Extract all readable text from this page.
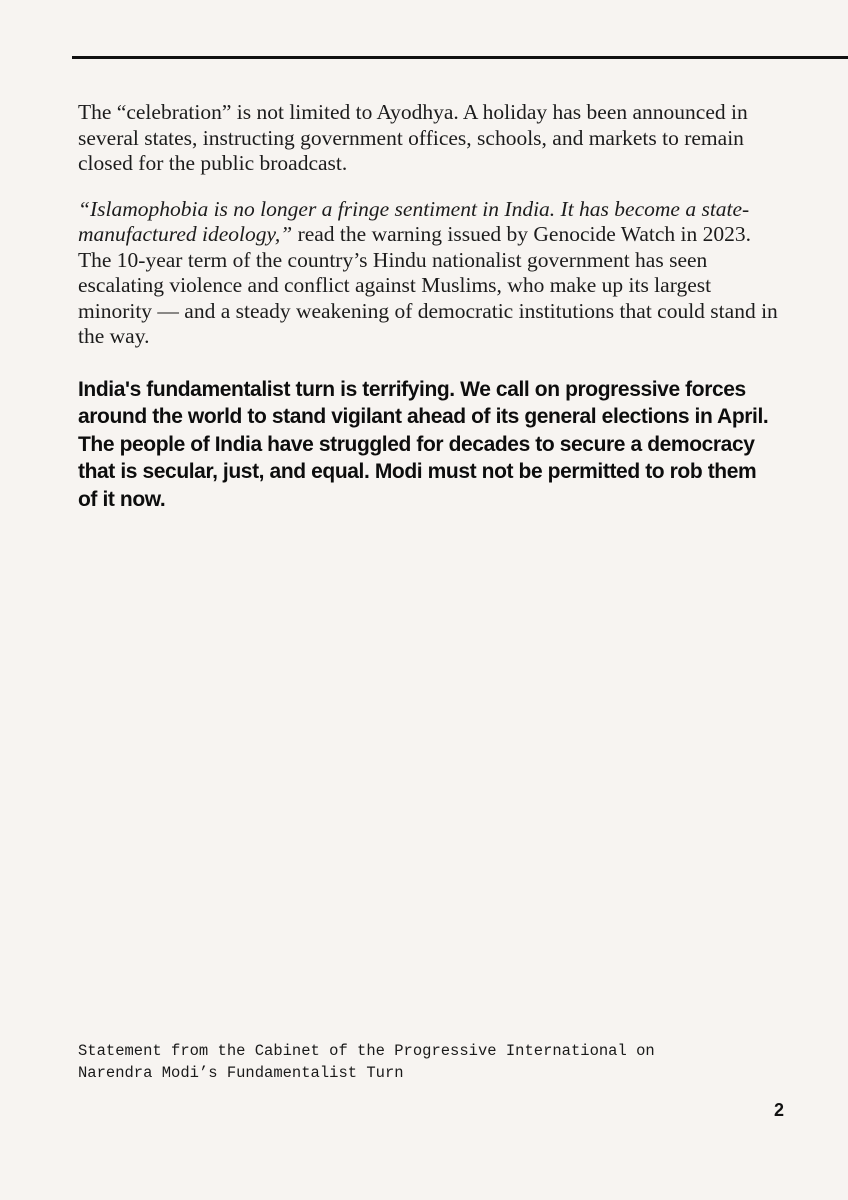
The “celebration” is not limited to Ayodhya. A holiday has been announced in several states, instructing government offices, schools, and markets to remain closed for the public broadcast.

“Islamophobia is no longer a fringe sentiment in India. It has become a state-manufactured ideology,” read the warning issued by Genocide Watch in 2023. The 10-year term of the country’s Hindu nationalist government has seen escalating violence and conflict against Muslims, who make up its largest minority — and a steady weakening of democratic institutions that could stand in the way.

India's fundamentalist turn is terrifying. We call on progressive forces around the world to stand vigilant ahead of its general elections in April. The people of India have struggled for decades to secure a democracy that is secular, just, and equal. Modi must not be permitted to rob them of it now.

Statement from the Cabinet of the Progressive International on
Narendra Modi’s Fundamentalist Turn

2
